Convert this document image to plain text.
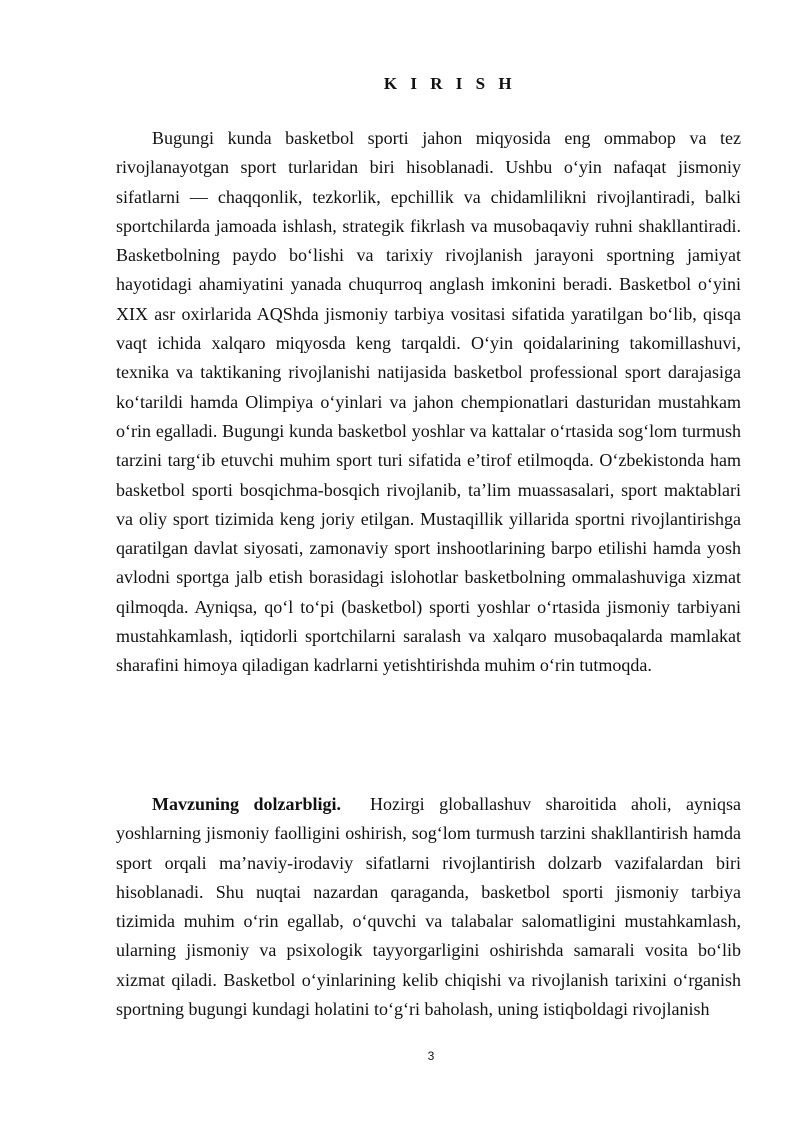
K I R I S H

Bugungi kunda basketbol sporti jahon miqyosida eng ommabop va tez rivojlanayotgan sport turlaridan biri hisoblanadi. Ushbu o‘yin nafaqat jismoniy sifatlarni — chaqqonlik, tezkorlik, epchillik va chidamlilikni rivojlantiradi, balki sportchilarda jamoada ishlash, strategik fikrlash va musobaqaviy ruhni shakllantiradi. Basketbolning paydo bo‘lishi va tarixiy rivojlanish jarayoni sportning jamiyat hayotidagi ahamiyatini yanada chuqurroq anglash imkonini beradi. Basketbol o‘yini XIX asr oxirlarida AQShda jismoniy tarbiya vositasi sifatida yaratilgan bo‘lib, qisqa vaqt ichida xalqaro miqyosda keng tarqaldi. O‘yin qoidalarining takomillashuvi, texnika va taktikaning rivojlanishi natijasida basketbol professional sport darajasiga ko‘tarildi hamda Olimpiya o‘yinlari va jahon chempionatlari dasturidan mustahkam o‘rin egalladi. Bugungi kunda basketbol yoshlar va kattalar o‘rtasida sog‘lom turmush tarzini targ‘ib etuvchi muhim sport turi sifatida e’tirof etilmoqda. O‘zbekistonda ham basketbol sporti bosqichma-bosqich rivojlanib, ta’lim muassasalari, sport maktablari va oliy sport tizimida keng joriy etilgan. Mustaqillik yillarida sportni rivojlantirishga qaratilgan davlat siyosati, zamonaviy sport inshootlarining barpo etilishi hamda yosh avlodni sportga jalb etish borasidagi islohotlar basketbolning ommalashuviga xizmat qilmoqda. Ayniqsa, qo‘l to‘pi (basketbol) sporti yoshlar o‘rtasida jismoniy tarbiyani mustahkamlash, iqtidorli sportchilarni saralash va xalqaro musobaqalarda mamlakat sharafini himoya qiladigan kadrlarni yetishtirishda muhim o‘rin tutmoqda.

Mavzuning dolzarbligi. Hozirgi globallashuv sharoitida aholi, ayniqsa yoshlarning jismoniy faolligini oshirish, sog‘lom turmush tarzini shakllantirish hamda sport orqali ma’naviy-irodaviy sifatlarni rivojlantirish dolzarb vazifalardan biri hisoblanadi. Shu nuqtai nazardan qaraganda, basketbol sporti jismoniy tarbiya tizimida muhim o‘rin egallab, o‘quvchi va talabalar salomatligini mustahkamlash, ularning jismoniy va psixologik tayyorgarligini oshirishda samarali vosita bo‘lib xizmat qiladi. Basketbol o‘yinlarining kelib chiqishi va rivojlanish tarixini o‘rganish sportning bugungi kundagi holatini to‘g‘ri baholash, uning istiqboldagi rivojlanish

3
